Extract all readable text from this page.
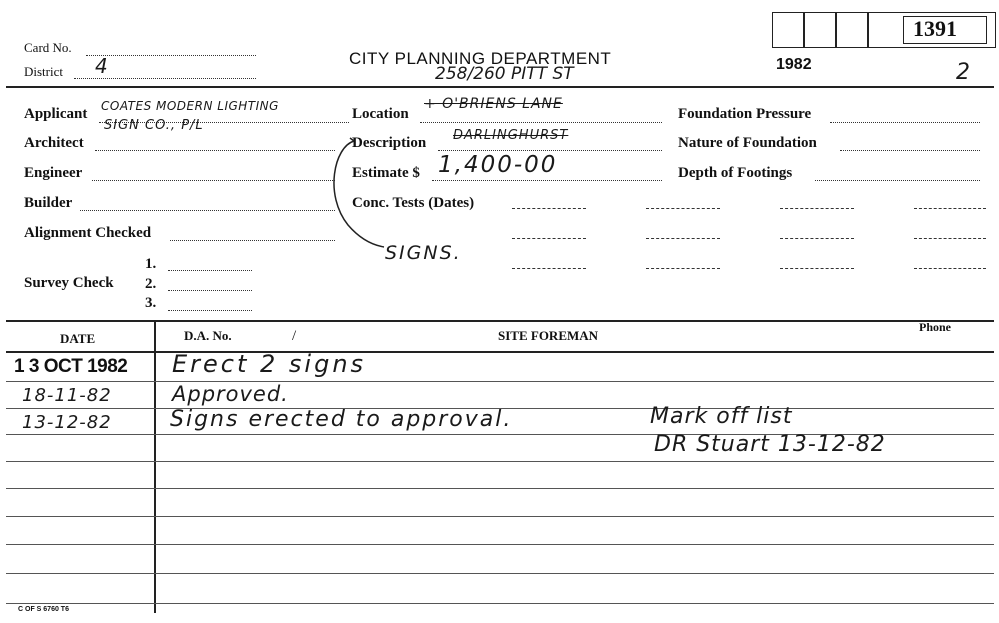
Card No.
District 4	CITY PLANNING DEPARTMENT
258/260 PITT ST	1982
1391
2
Applicant COATES MODERN LIGHTING
SIGN CO., P/L
Architect
Engineer
Builder
Alignment Checked
Survey Check
1.
2.
3.
Location
+ O'BRIENS LANE
Description DARLINGHURST
Estimate $ 1,400-00
Conc. Tests (Dates)
SIGNS.
Foundation Pressure
Nature of Foundation
Depth of Footings
DATE	D.A. No.	/	SITE FOREMAN
Phone
1 3 OCT 1982 Erect 2 signs
18-11-82	Approved.
13-12-82	Signs erected to approval.	Mark off list
DR Stuart 13-12-82
C OF S 6760 T6
